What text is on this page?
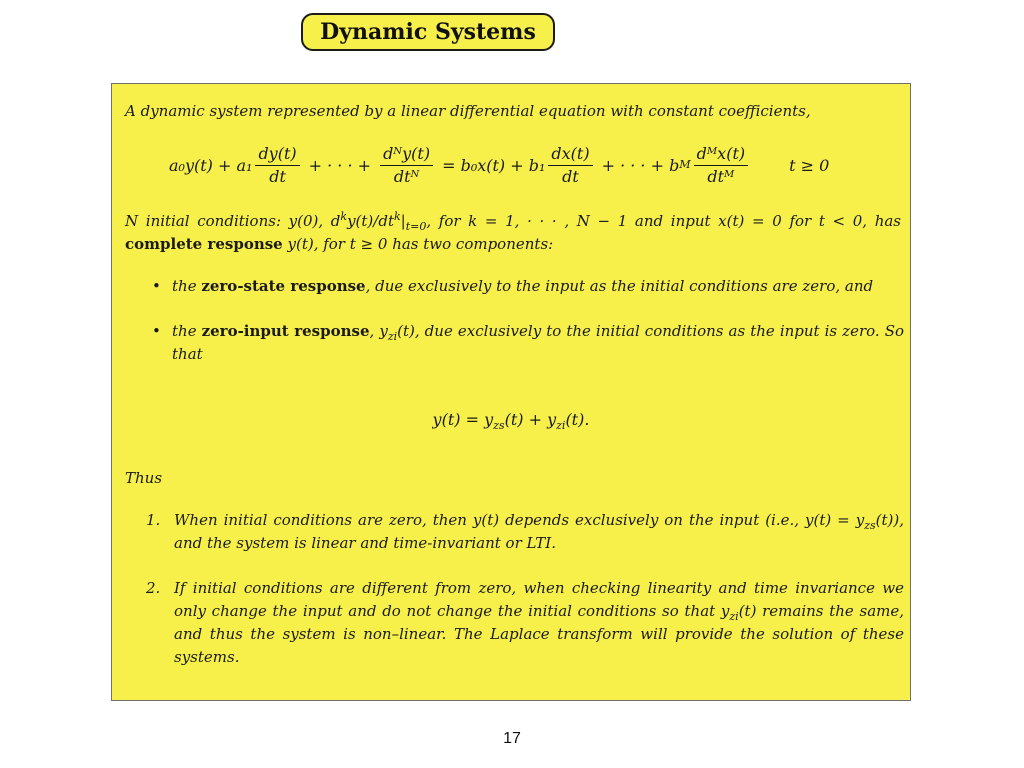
Dynamic Systems
A dynamic system represented by a linear differential equation with constant coefficients,
$a_0y(t) + a_1 \frac{dy(t)}{dt}$ + · · · + $\frac{\text{dᴺy(t)}}{\text{dtᴺ}} = b_0x(t) + b_1 \frac{dx(t)}{dt}$ + · · · + b M $\frac{\text{dᴹx(t)}}{\text{dtᴹ}}$	t ≥ 0
N initial conditions: y(0), $d^ky(t)/dt^k|_{t=0}$, for k = 1, · · · , N − 1 and input x(t) = 0 for t < 0, has complete response y(t), for t ≥ 0 has two components:
• the zero-state response, due exclusively to the input as the initial conditions are zero, and
• the zero-input response, $y_{zi}(t)$, due exclusively to the initial conditions as the input is zero. So that
$y(t) = y_{zs}(t) + y_{zi}(t)$.
Thus
1. When initial conditions are zero, then y(t) depends exclusively on the input (i.e., $y(t) = y_{zs}(t)$), and the system is linear and time-invariant or LTI.
2. If initial conditions are different from zero, when checking linearity and time invariance we only change the input and do not change the initial conditions so that $y_{zi}(t)$ remains the same, and thus the system is non–linear. The Laplace transform will provide the solution of these systems.
17
